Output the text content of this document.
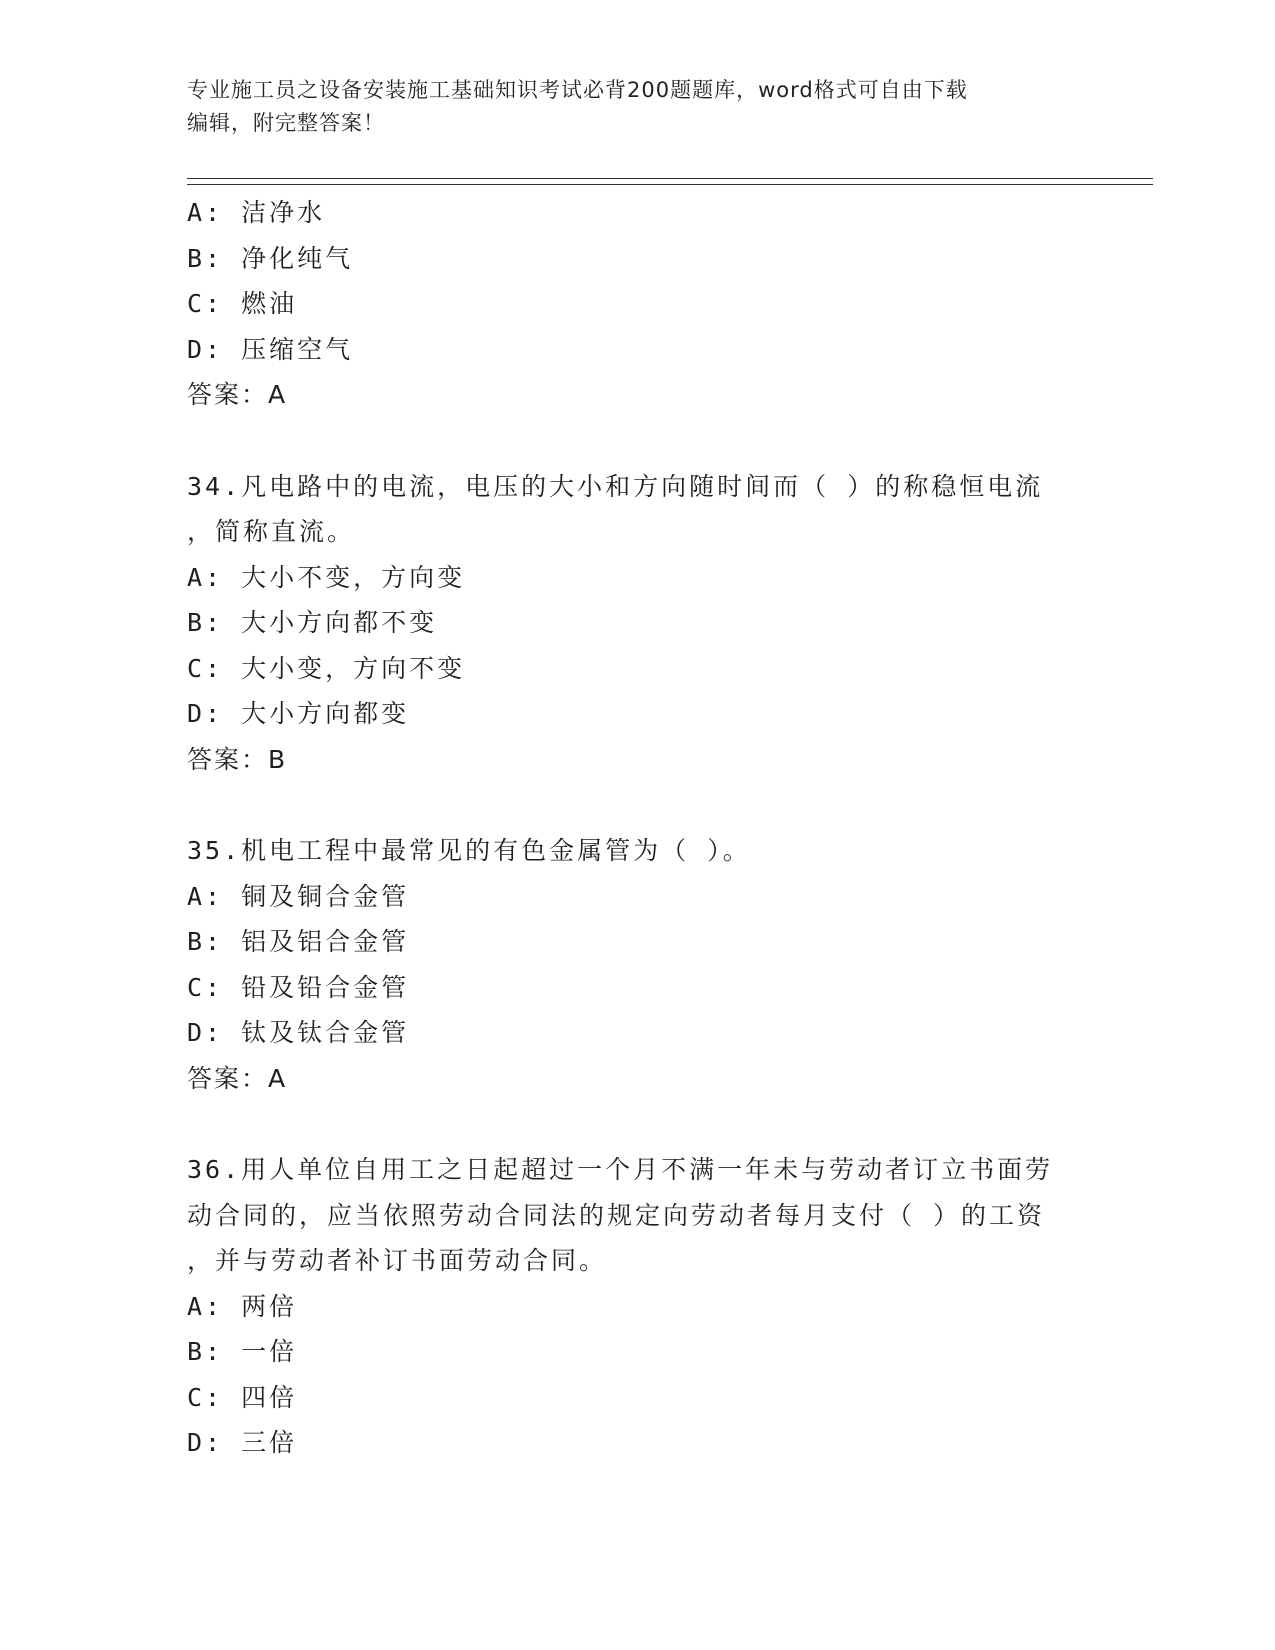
专业施工员之设备安装施工基础知识考试必背200题题库，word格式可自由下载
编辑，附完整答案！
A: 洁净水
B: 净化纯气
C: 燃油
D: 压缩空气
答案：A
34.凡电路中的电流，电压的大小和方向随时间而（ ）的称稳恒电流
，简称直流。
A: 大小不变，方向变
B: 大小方向都不变
C: 大小变，方向不变
D: 大小方向都变
答案：B
35.机电工程中最常见的有色金属管为（ ）。
A: 铜及铜合金管
B: 铝及铝合金管
C: 铅及铅合金管
D: 钛及钛合金管
答案：A
36.用人单位自用工之日起超过一个月不满一年未与劳动者订立书面劳
动合同的，应当依照劳动合同法的规定向劳动者每月支付（ ）的工资
，并与劳动者补订书面劳动合同。
A: 两倍
B: 一倍
C: 四倍
D: 三倍
